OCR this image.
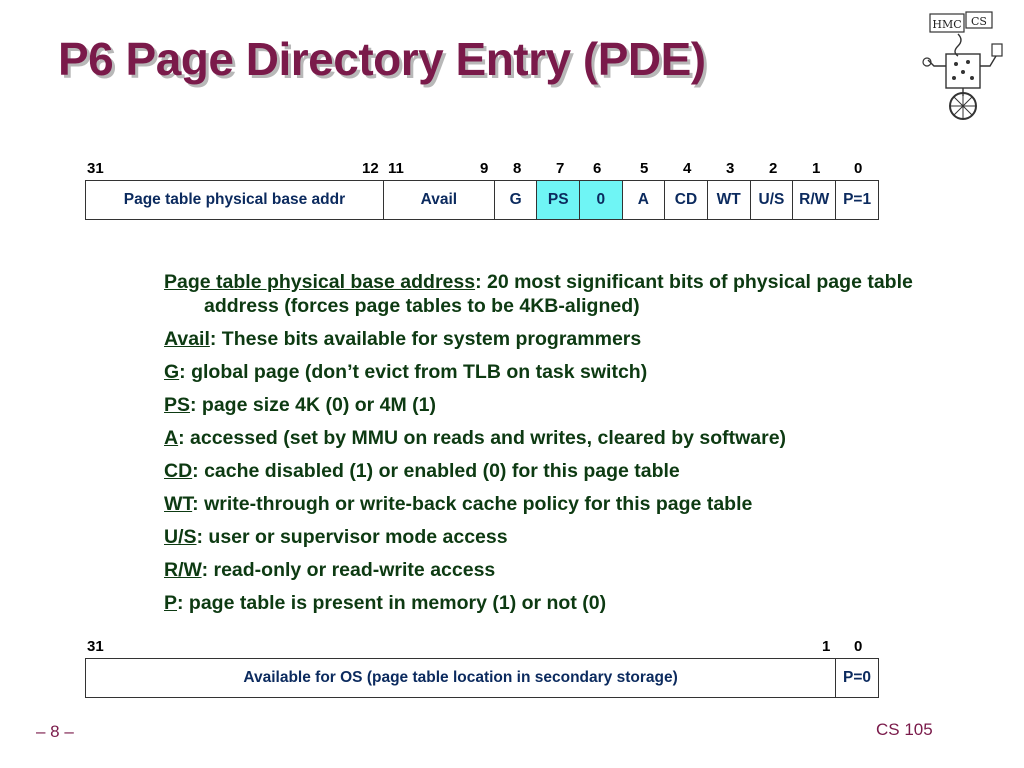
P6 Page Directory Entry (PDE)
HMC CS
31	12 11	9 8 7 6	5 4 3 2 1 0
Page table physical base addr	Avail	G	PS	0	A	CD	WT	U/S	R/W	P=1

Page table physical base address: 20 most significant bits of physical page table address (forces page tables to be 4KB-aligned)

Avail: These bits available for system programmers

G: global page (don’t evict from TLB on task switch)

PS: page size 4K (0) or 4M (1)

A: accessed (set by MMU on reads and writes, cleared by software)

CD: cache disabled (1) or enabled (0) for this page table

WT: write-through or write-back cache policy for this page table

U/S: user or supervisor mode access

R/W: read-only or read-write access

P: page table is present in memory (1) or not (0)

31	1 0
Available for OS (page table location in secondary storage)	P=0
– 8 –	CS 105
